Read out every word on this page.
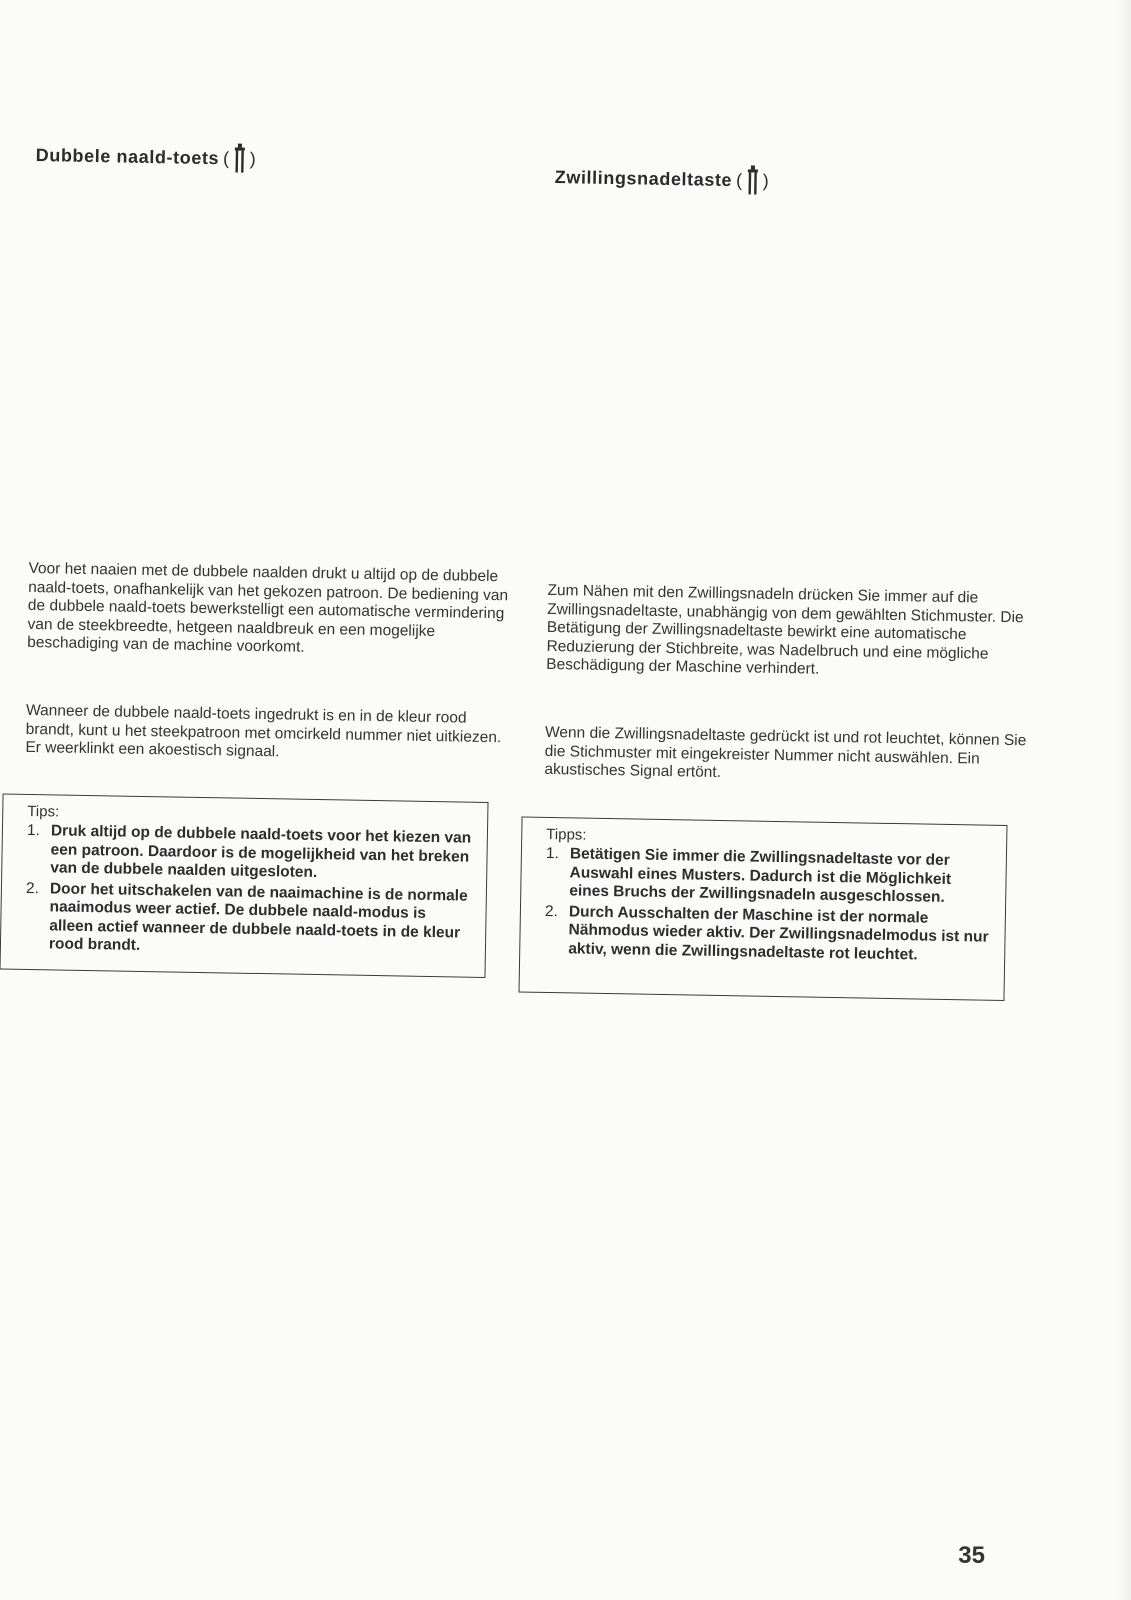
Dubbele naald-toets ( )

Voor het naaien met de dubbele naalden drukt u altijd op de dubbele naald-toets, onafhankelijk van het gekozen patroon. De bediening van de dubbele naald-toets bewerkstelligt een automatische vermindering van de steekbreedte, hetgeen naaldbreuk en een mogelijke beschadiging van de machine voorkomt.

Wanneer de dubbele naald-toets ingedrukt is en in de kleur rood brandt, kunt u het steekpatroon met omcirkeld nummer niet uitkiezen. Er weerklinkt een akoestisch signaal.

Tips:
1. Druk altijd op de dubbele naald-toets voor het kiezen van een patroon. Daardoor is de mogelijkheid van het breken van de dubbele naalden uitgesloten.
2. Door het uitschakelen van de naaimachine is de normale naaimodus weer actief. De dubbele naald-modus is alleen actief wanneer de dubbele naald-toets in de kleur rood brandt.
Zwillingsnadeltaste ( )

Zum Nähen mit den Zwillingsnadeln drücken Sie immer auf die Zwillingsnadeltaste, unabhängig von dem gewählten Stichmuster. Die Betätigung der Zwillingsnadeltaste bewirkt eine automatische Reduzierung der Stichbreite, was Nadelbruch und eine mögliche Beschädigung der Maschine verhindert.

Wenn die Zwillingsnadeltaste gedrückt ist und rot leuchtet, können Sie die Stichmuster mit eingekreister Nummer nicht auswählen. Ein akustisches Signal ertönt.

Tipps:
1. Betätigen Sie immer die Zwillingsnadeltaste vor der Auswahl eines Musters. Dadurch ist die Möglichkeit eines Bruchs der Zwillingsnadeln ausgeschlossen.
2. Durch Ausschalten der Maschine ist der normale Nähmodus wieder aktiv. Der Zwillingsnadelmodus ist nur aktiv, wenn die Zwillingsnadeltaste rot leuchtet.
35
